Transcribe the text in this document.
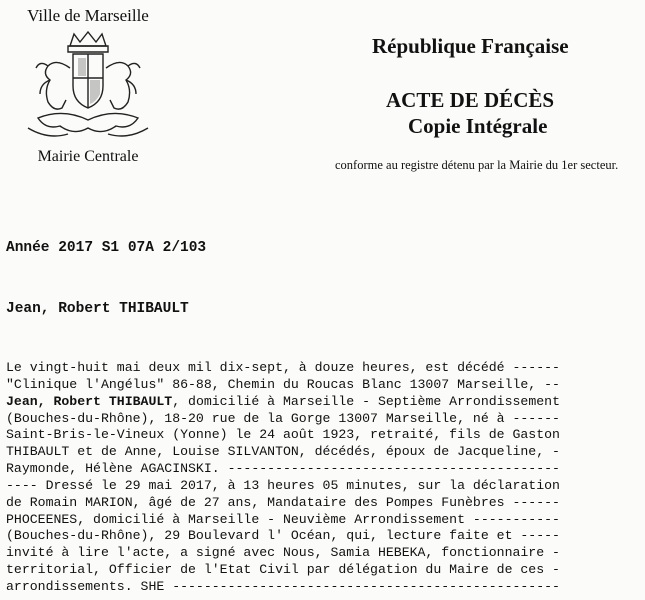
Ville de Marseille
Mairie Centrale
République Française
ACTE DE DÉCÈS
Copie Intégrale
conforme au registre détenu par la Mairie du 1er secteur.
Année 2017 S1 07A 2/103
Jean, Robert THIBAULT
Le vingt-huit mai deux mil dix-sept, à douze heures, est décédé ------
"Clinique l'Angélus" 86-88, Chemin du Roucas Blanc 13007 Marseille, --
Jean, Robert THIBAULT, domicilié à Marseille - Septième Arrondissement
(Bouches-du-Rhône), 18-20 rue de la Gorge 13007 Marseille, né à ------
Saint-Bris-le-Vineux (Yonne) le 24 août 1923, retraité, fils de Gaston
THIBAULT et de Anne, Louise SILVANTON, décédés, époux de Jacqueline, -
Raymonde, Hélène AGACINSKI. ------------------------------------------
---- Dressé le 29 mai 2017, à 13 heures 05 minutes, sur la déclaration
de Romain MARION, âgé de 27 ans, Mandataire des Pompes Funèbres ------
PHOCEENES, domicilié à Marseille - Neuvième Arrondissement -----------
(Bouches-du-Rhône), 29 Boulevard l' Océan, qui, lecture faite et -----
invité à lire l'acte, a signé avec Nous, Samia HEBEKA, fonctionnaire -
territorial, Officier de l'Etat Civil par délégation du Maire de ces -
arrondissements. SHE -------------------------------------------------
